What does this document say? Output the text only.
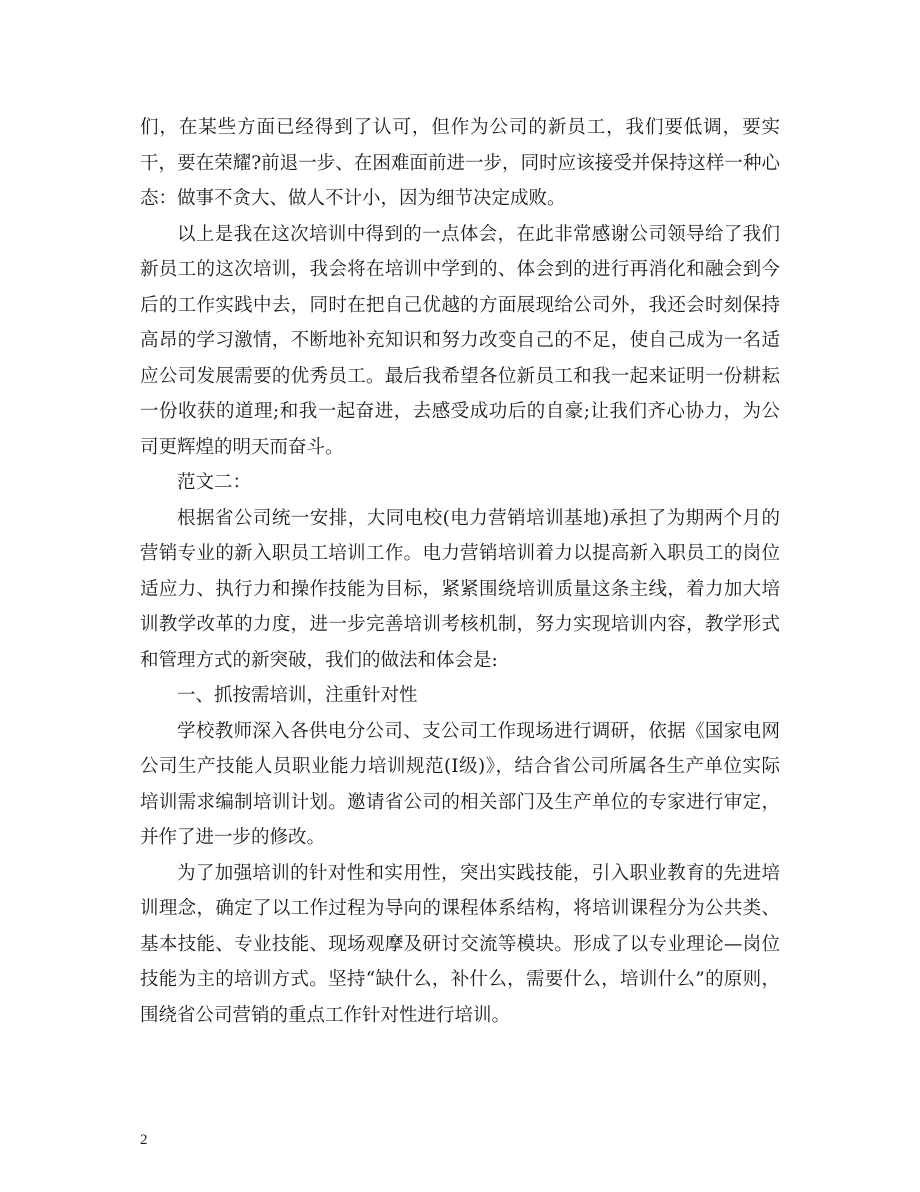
们，在某些方面已经得到了认可，但作为公司的新员工，我们要低调，要实干，要在荣耀?前退一步、在困难面前进一步，同时应该接受并保持这样一种心态：做事不贪大、做人不计小，因为细节决定成败。

以上是我在这次培训中得到的一点体会，在此非常感谢公司领导给了我们新员工的这次培训，我会将在培训中学到的、体会到的进行再消化和融会到今后的工作实践中去，同时在把自己优越的方面展现给公司外，我还会时刻保持高昂的学习激情，不断地补充知识和努力改变自己的不足，使自己成为一名适应公司发展需要的优秀员工。最后我希望各位新员工和我一起来证明一份耕耘一份收获的道理;和我一起奋进，去感受成功后的自豪;让我们齐心协力，为公司更辉煌的明天而奋斗。

范文二：

根据省公司统一安排，大同电校(电力营销培训基地)承担了为期两个月的营销专业的新入职员工培训工作。电力营销培训着力以提高新入职员工的岗位适应力、执行力和操作技能为目标，紧紧围绕培训质量这条主线，着力加大培训教学改革的力度，进一步完善培训考核机制，努力实现培训内容，教学形式和管理方式的新突破，我们的做法和体会是:

一、抓按需培训，注重针对性

学校教师深入各供电分公司、支公司工作现场进行调研，依据《国家电网公司生产技能人员职业能力培训规范(I级)》，结合省公司所属各生产单位实际培训需求编制培训计划。邀请省公司的相关部门及生产单位的专家进行审定，并作了进一步的修改。

为了加强培训的针对性和实用性，突出实践技能，引入职业教育的先进培训理念，确定了以工作过程为导向的课程体系结构，将培训课程分为公共类、基本技能、专业技能、现场观摩及研讨交流等模块。形成了以专业理论—岗位技能为主的培训方式。坚持“缺什么，补什么，需要什么，培训什么”的原则，围绕省公司营销的重点工作针对性进行培训。

2
